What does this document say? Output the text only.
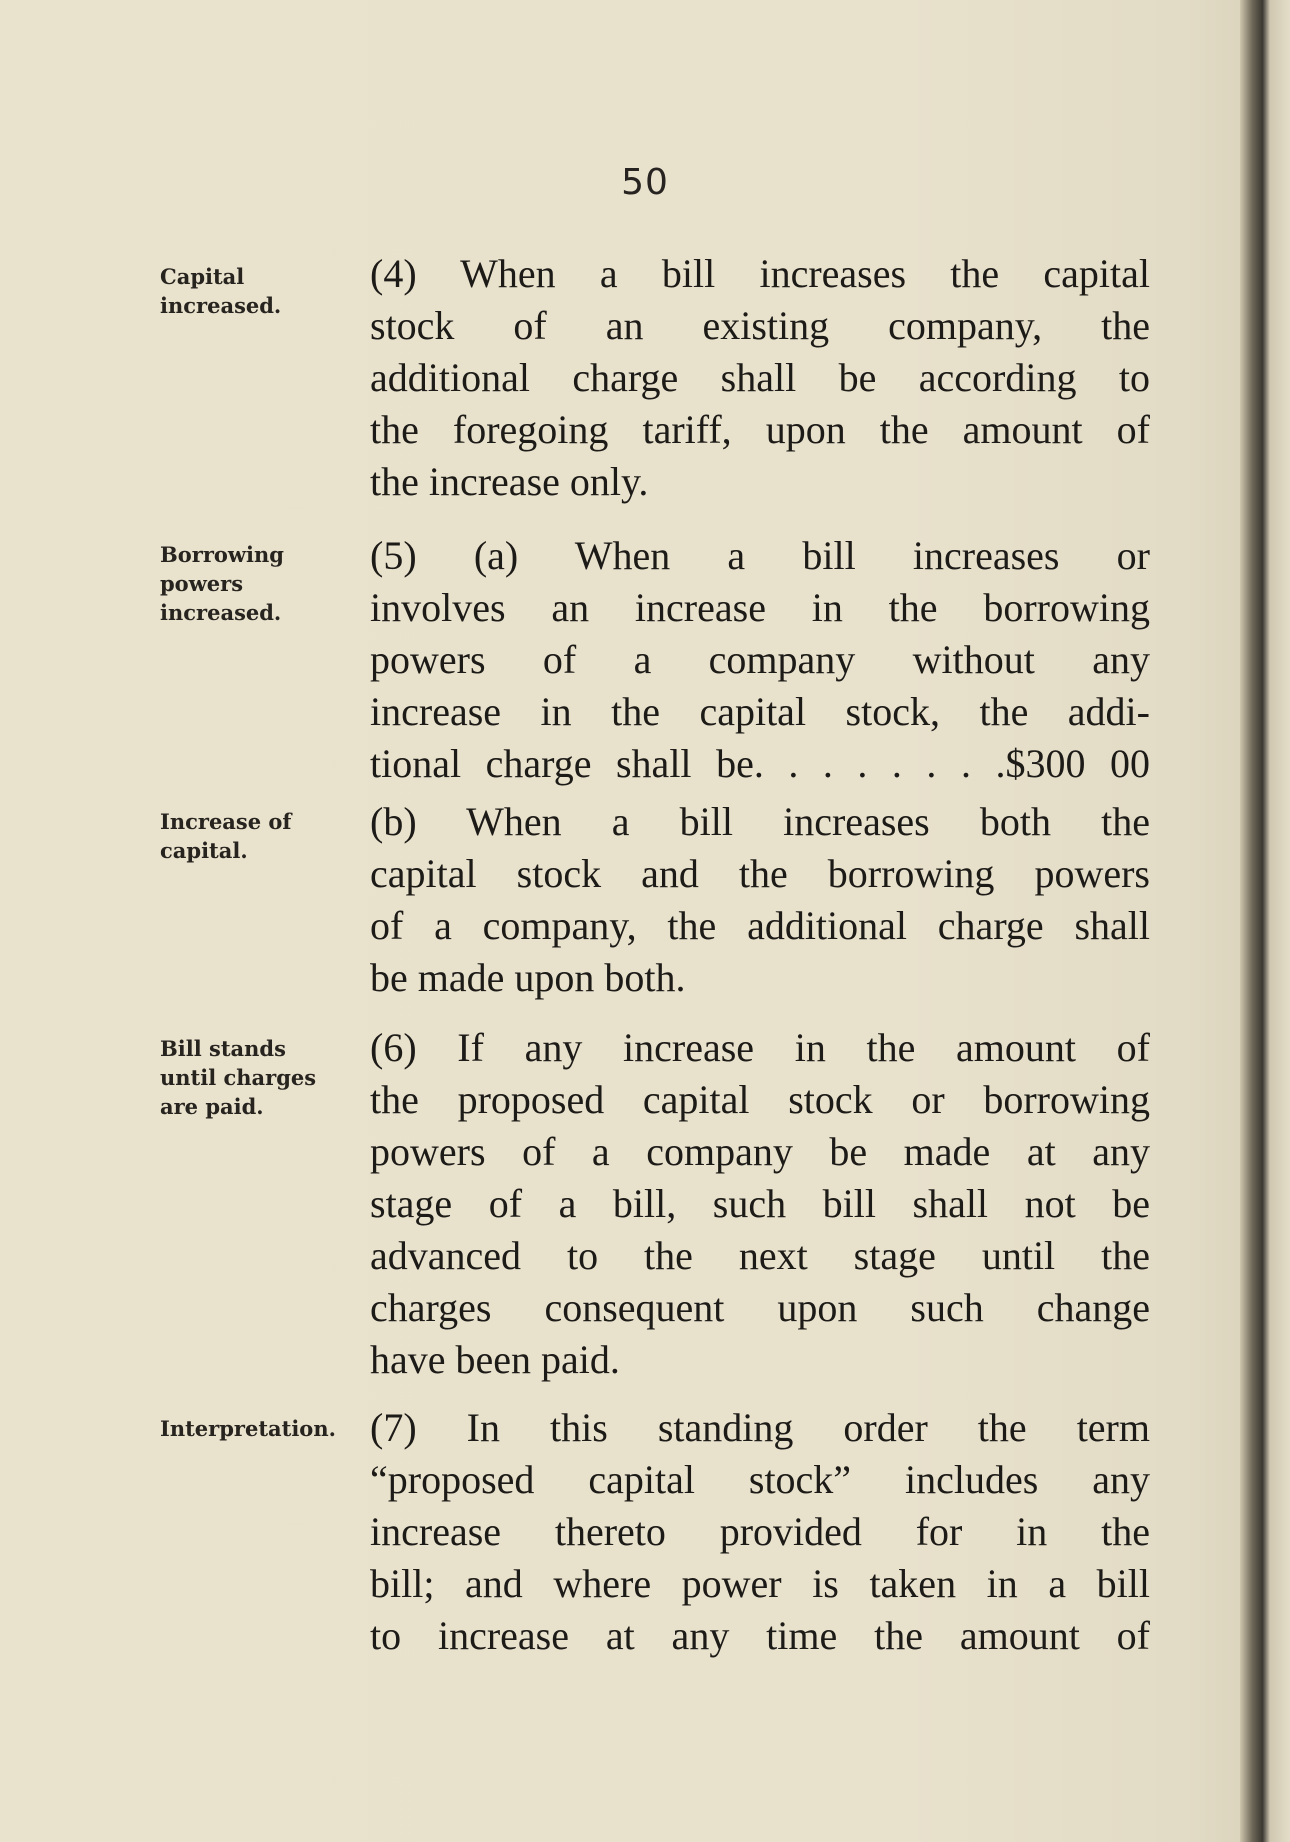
50
Capital
increased.
Borrowing
powers
increased.
Increase of
capital.
Bill stands
until charges
are paid.
Interpretation.
(4) When a bill increases the capital
stock of an existing company, the
additional charge shall be according to
the foregoing tariff, upon the amount of
the increase only.
(5) (a) When a bill increases or
involves an increase in the borrowing
powers of a company without any
increase in the capital stock, the addi-
tional charge shall be. . . . . . . .$300 00
(b) When a bill increases both the
capital stock and the borrowing powers
of a company, the additional charge shall
be made upon both.
(6) If any increase in the amount of
the proposed capital stock or borrowing
powers of a company be made at any
stage of a bill, such bill shall not be
advanced to the next stage until the
charges consequent upon such change
have been paid.
(7) In this standing order the term
“proposed capital stock” includes any
increase thereto provided for in the
bill; and where power is taken in a bill
to increase at any time the amount of
